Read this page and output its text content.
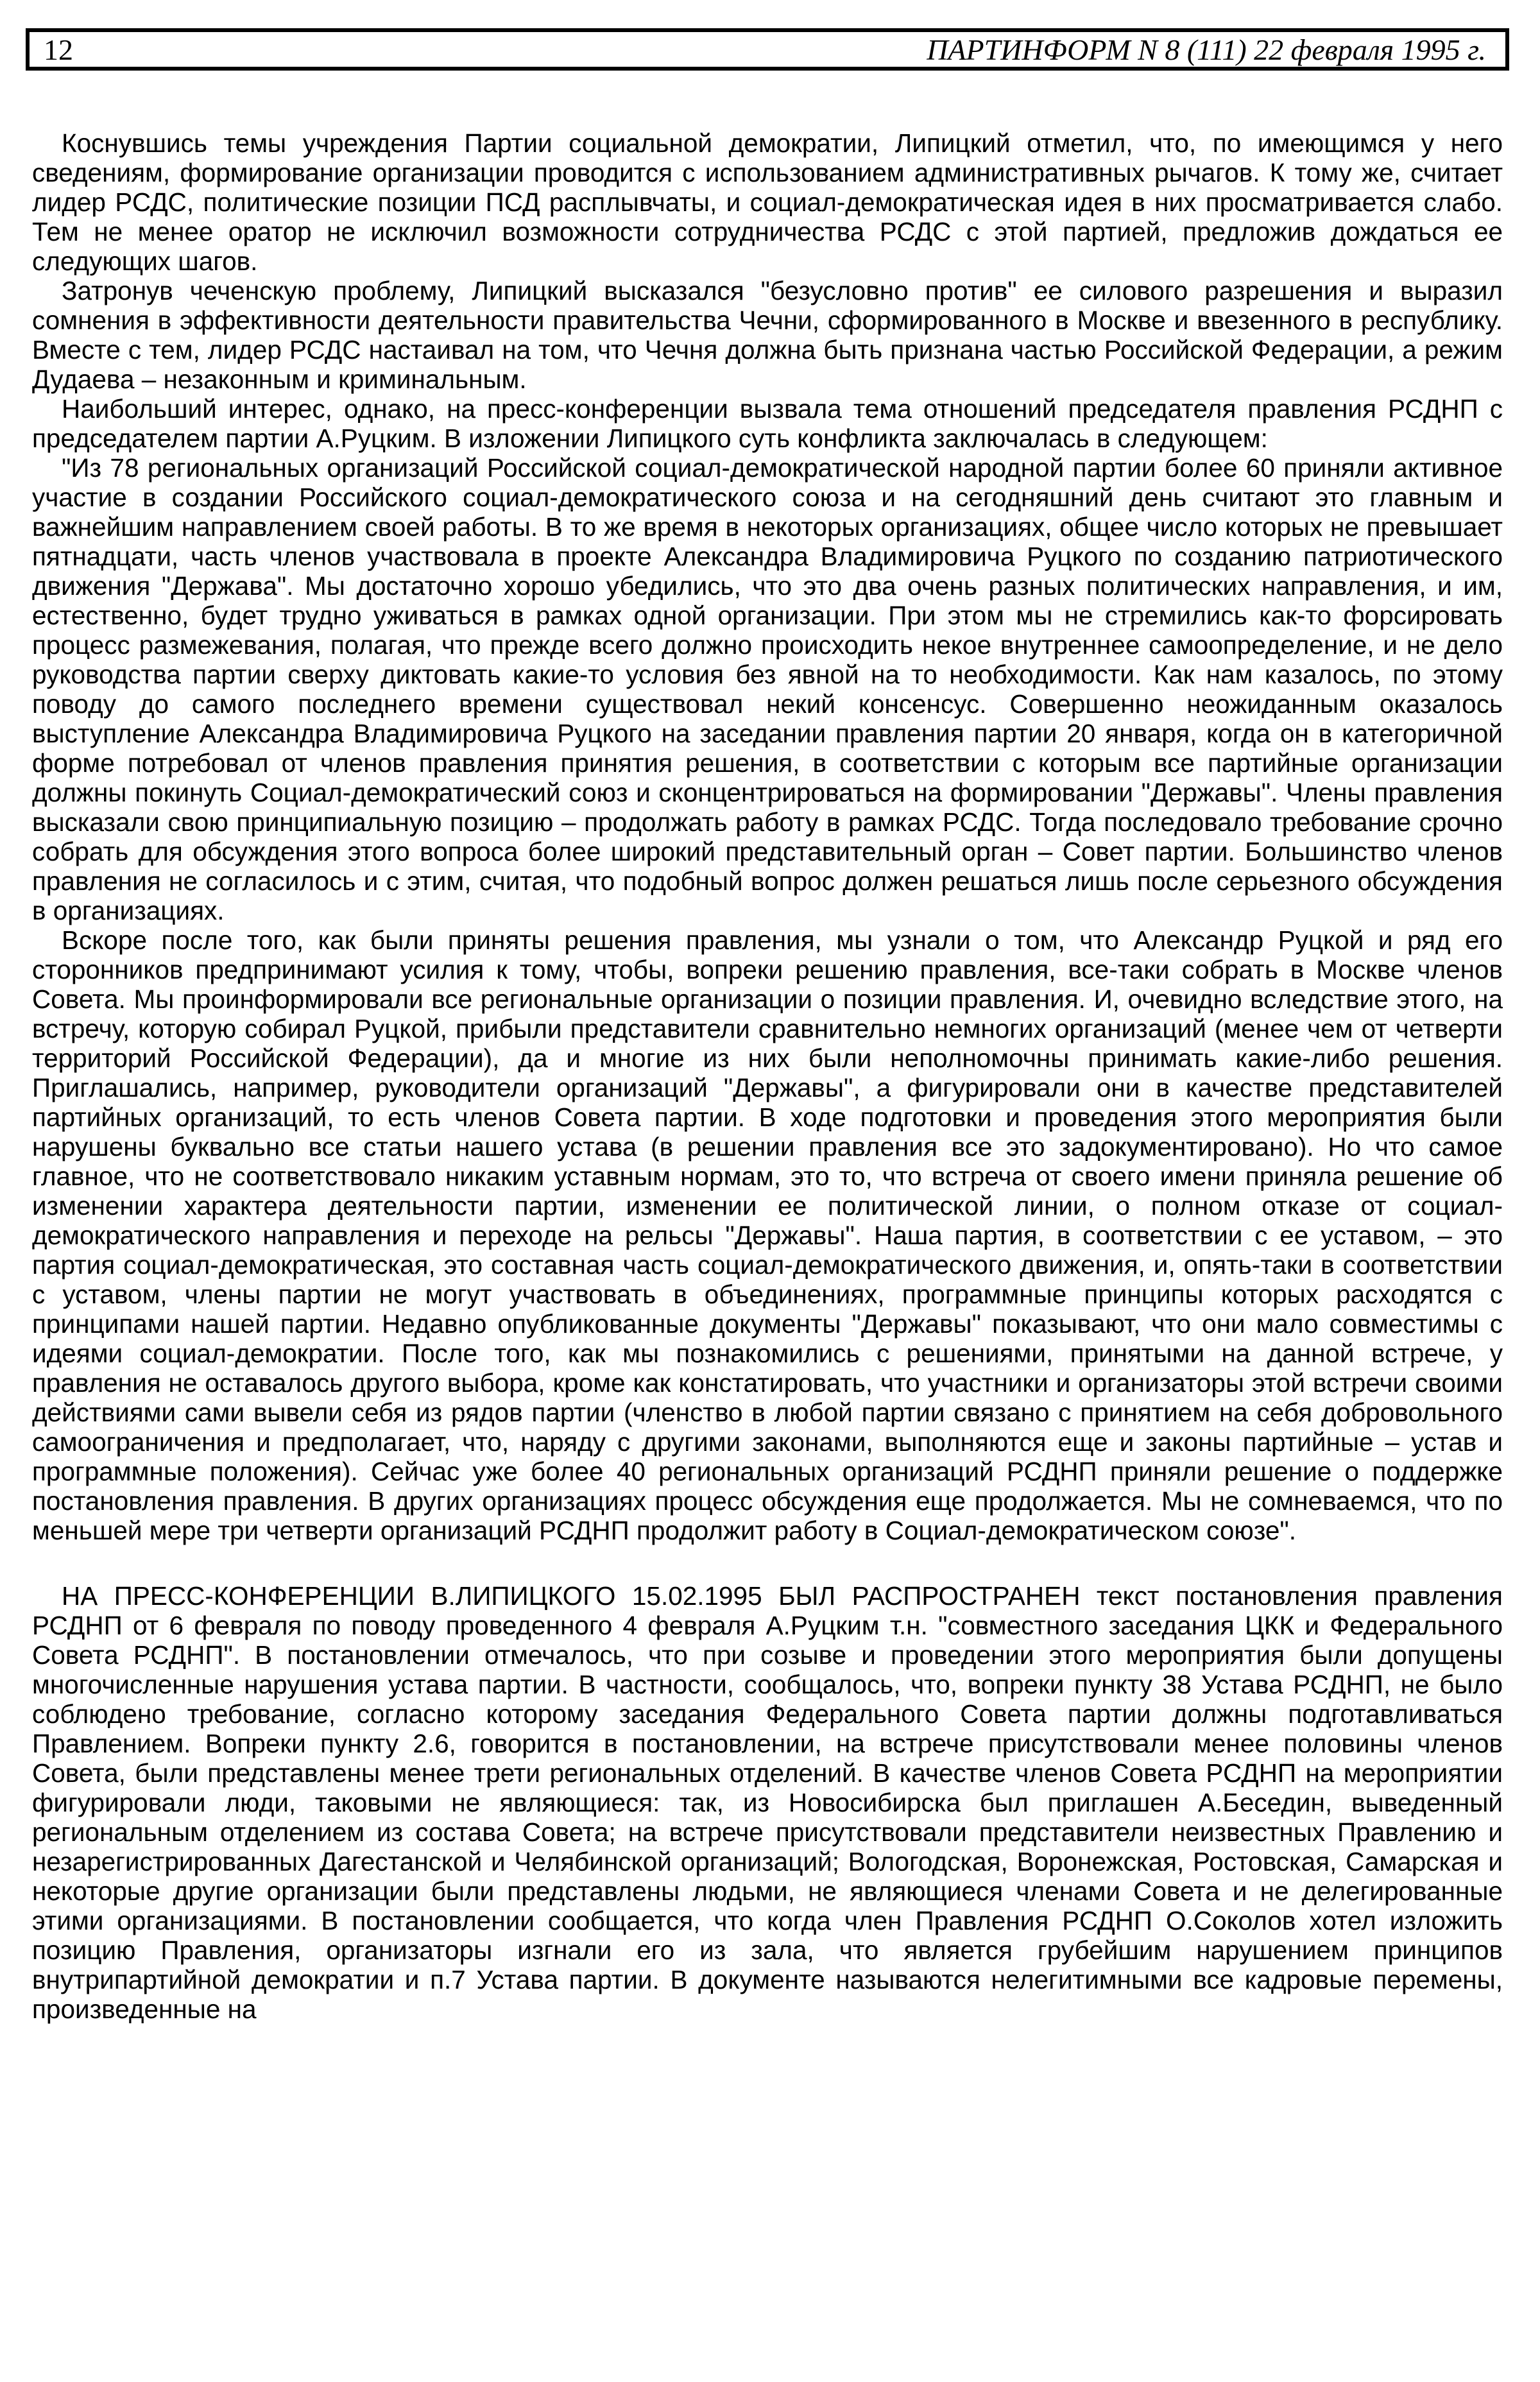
12	ПАРТИНФОРМ N 8 (111) 22 февраля 1995 г.

Коснувшись темы учреждения Партии социальной демократии, Липицкий отметил, что, по имеющимся у него сведениям, формирование организации проводится с использованием административных рычагов. К тому же, считает лидер РСДС, политические позиции ПСД расплывчаты, и социал-демократическая идея в них просматривается слабо. Тем не менее оратор не исключил возможности сотрудничества РСДС с этой партией, предложив дождаться ее следующих шагов.

Затронув чеченскую проблему, Липицкий высказался "безусловно против" ее силового разрешения и выразил сомнения в эффективности деятельности правительства Чечни, сформированного в Москве и ввезенного в республику. Вместе с тем, лидер РСДС настаивал на том, что Чечня должна быть признана частью Российской Федерации, а режим Дудаева – незаконным и криминальным.

Наибольший интерес, однако, на пресс-конференции вызвала тема отношений председателя правления РСДНП с председателем партии А.Руцким. В изложении Липицкого суть конфликта заключалась в следующем:

"Из 78 региональных организаций Российской социал-демократической народной партии более 60 приняли активное участие в создании Российского социал-демократического союза и на сегодняшний день считают это главным и важнейшим направлением своей работы. В то же время в некоторых организациях, общее число которых не превышает пятнадцати, часть членов участвовала в проекте Александра Владимировича Руцкого по созданию патриотического движения "Держава". Мы достаточно хорошо убедились, что это два очень разных политических направления, и им, естественно, будет трудно уживаться в рамках одной организации. При этом мы не стремились как-то форсировать процесс размежевания, полагая, что прежде всего должно происходить некое внутреннее самоопределение, и не дело руководства партии сверху диктовать какие-то условия без явной на то необходимости. Как нам казалось, по этому поводу до самого последнего времени существовал некий консенсус. Совершенно неожиданным оказалось выступление Александра Владимировича Руцкого на заседании правления партии 20 января, когда он в категоричной форме потребовал от членов правления принятия решения, в соответствии с которым все партийные организации должны покинуть Социал-демократический союз и сконцентрироваться на формировании "Державы". Члены правления высказали свою принципиальную позицию – продолжать работу в рамках РСДС. Тогда последовало требование срочно собрать для обсуждения этого вопроса более широкий представительный орган – Совет партии. Большинство членов правления не согласилось и с этим, считая, что подобный вопрос должен решаться лишь после серьезного обсуждения в организациях.

Вскоре после того, как были приняты решения правления, мы узнали о том, что Александр Руцкой и ряд его сторонников предпринимают усилия к тому, чтобы, вопреки решению правления, все-таки собрать в Москве членов Совета. Мы проинформировали все региональные организации о позиции правления. И, очевидно вследствие этого, на встречу, которую собирал Руцкой, прибыли представители сравнительно немногих организаций (менее чем от четверти территорий Российской Федерации), да и многие из них были неполномочны принимать какие-либо решения. Приглашались, например, руководители организаций "Державы", а фигурировали они в качестве представителей партийных организаций, то есть членов Совета партии. В ходе подготовки и проведения этого мероприятия были нарушены буквально все статьи нашего устава (в решении правления все это задокументировано). Но что самое главное, что не соответствовало никаким уставным нормам, это то, что встреча от своего имени приняла решение об изменении характера деятельности партии, изменении ее политической линии, о полном отказе от социал-демократического направления и переходе на рельсы "Державы". Наша партия, в соответствии с ее уставом, – это партия социал-демократическая, это составная часть социал-демократического движения, и, опять-таки в соответствии с уставом, члены партии не могут участвовать в объединениях, программные принципы которых расходятся с принципами нашей партии. Недавно опубликованные документы "Державы" показывают, что они мало совместимы с идеями социал-демократии. После того, как мы познакомились с решениями, принятыми на данной встрече, у правления не оставалось другого выбора, кроме как констатировать, что участники и организаторы этой встречи своими действиями сами вывели себя из рядов партии (членство в любой партии связано с принятием на себя добровольного самоограничения и предполагает, что, наряду с другими законами, выполняются еще и законы партийные – устав и программные положения). Сейчас уже более 40 региональных организаций РСДНП приняли решение о поддержке постановления правления. В других организациях процесс обсуждения еще продолжается. Мы не сомневаемся, что по меньшей мере три четверти организаций РСДНП продолжит работу в Социал-демократическом союзе".

НА ПРЕСС-КОНФЕРЕНЦИИ В.ЛИПИЦКОГО 15.02.1995 БЫЛ РАСПРОСТРАНЕН текст постановления правления РСДНП от 6 февраля по поводу проведенного 4 февраля А.Руцким т.н. "совместного заседания ЦКК и Федерального Совета РСДНП". В постановлении отмечалось, что при созыве и проведении этого мероприятия были допущены многочисленные нарушения устава партии. В частности, сообщалось, что, вопреки пункту 38 Устава РСДНП, не было соблюдено требование, согласно которому заседания Федерального Совета партии должны подготавливаться Правлением. Вопреки пункту 2.6, говорится в постановлении, на встрече присутствовали менее половины членов Совета, были представлены менее трети региональных отделений. В качестве членов Совета РСДНП на мероприятии фигурировали люди, таковыми не являющиеся: так, из Новосибирска был приглашен А.Беседин, выведенный региональным отделением из состава Совета; на встрече присутствовали представители неизвестных Правлению и незарегистрированных Дагестанской и Челябинской организаций; Вологодская, Воронежская, Ростовская, Самарская и некоторые другие организации были представлены людьми, не являющиеся членами Совета и не делегированные этими организациями. В постановлении сообщается, что когда член Правления РСДНП О.Соколов хотел изложить позицию Правления, организаторы изгнали его из зала, что является грубейшим нарушением принципов внутрипартийной демократии и п.7 Устава партии. В документе называются нелегитимными все кадровые перемены, произведенные на
